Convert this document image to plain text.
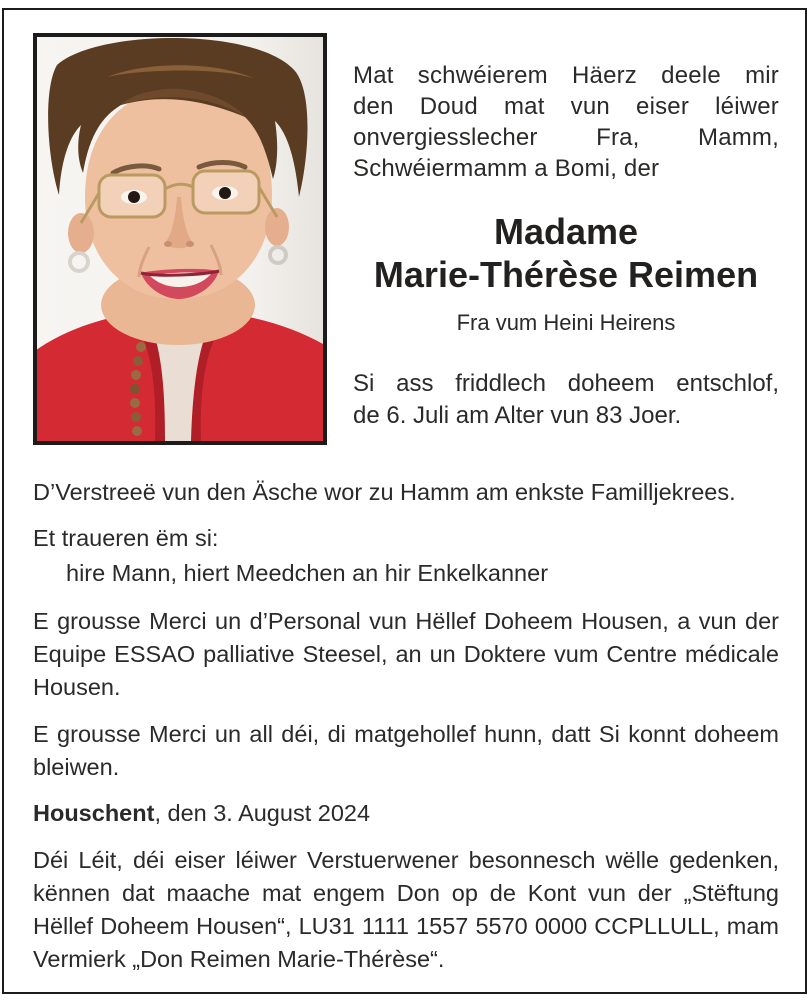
Mat schwéierem Häerz deele mir
den Doud mat vun eiser léiwer
onvergiesslecher Fra, Mamm,
Schwéiermamm a Bomi, der
Madame
Marie-Thérèse Reimen
Fra vum Heini Heirens
Si ass friddlech doheem entschlof,
de 6. Juli am Alter vun 83 Joer.

D’Verstreeë vun den Äsche wor zu Hamm am enkste Familljekrees.

Et traueren ëm si:

hire Mann, hiert Meedchen an hir Enkelkanner

E grousse Merci un d’Personal vun Hëllef Doheem Housen, a vun der Equipe ESSAO palliative Steesel, an un Doktere vum Centre médicale Housen.

E grousse Merci un all déi, di matgehollef hunn, datt Si konnt doheem bleiwen.

Houschent, den 3. August 2024

Déi Léit, déi eiser léiwer Verstuerwener besonnesch wëlle gedenken, kënnen dat maache mat engem Don op de Kont vun der „Stëftung Hëllef Doheem Housen“, LU31 1111 1557 5570 0000 CCPLLULL, mam Vermierk „Don Reimen Marie-Thérèse“.
